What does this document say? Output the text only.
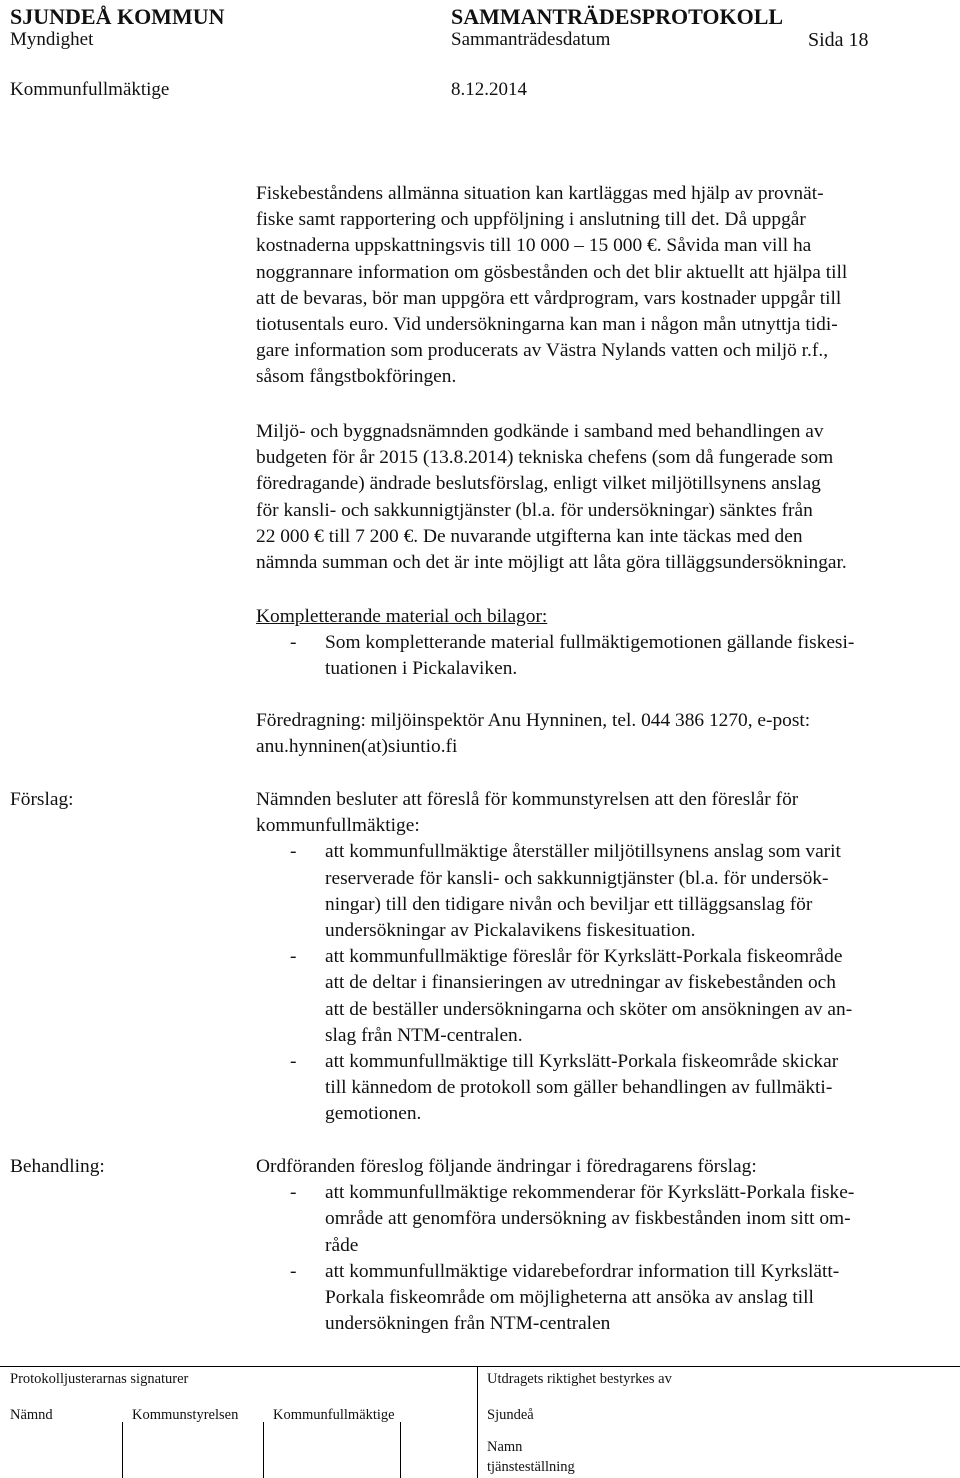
SJUNDEÅ KOMMUN	SAMMANTRÄDESPROTOKOLL
Myndighet	Sammanträdesdatum	Sida 18
Kommunfullmäktige	8.12.2014
Fiskebeståndens allmänna situation kan kartläggas med hjälp av provnät-
fiske samt rapportering och uppföljning i anslutning till det. Då uppgår
kostnaderna uppskattningsvis till 10 000 – 15 000 €. Såvida man vill ha
noggrannare information om gösbestånden och det blir aktuellt att hjälpa till
att de bevaras, bör man uppgöra ett vårdprogram, vars kostnader uppgår till
tiotusentals euro. Vid undersökningarna kan man i någon mån utnyttja tidi-
gare information som producerats av Västra Nylands vatten och miljö r.f.,
såsom fångstbokföringen.
Miljö- och byggnadsnämnden godkände i samband med behandlingen av
budgeten för år 2015 (13.8.2014) tekniska chefens (som då fungerade som
föredragande) ändrade beslutsförslag, enligt vilket miljötillsynens anslag
för kansli- och sakkunnigtjänster (bl.a. för undersökningar) sänktes från
22 000 € till 7 200 €. De nuvarande utgifterna kan inte täckas med den
nämnda summan och det är inte möjligt att låta göra tilläggsundersökningar.
Kompletterande material och bilagor:
- Som kompletterande material fullmäktigemotionen gällande fiskesi-
tuationen i Pickalaviken.
Föredragning: miljöinspektör Anu Hynninen, tel. 044 386 1270, e-post:
anu.hynninen(at)siuntio.fi
Förslag:	Nämnden besluter att föreslå för kommunstyrelsen att den föreslår för
kommunfullmäktige:
- att kommunfullmäktige återställer miljötillsynens anslag som varit
reserverade för kansli- och sakkunnigtjänster (bl.a. för undersök-
ningar) till den tidigare nivån och beviljar ett tilläggsanslag för
undersökningar av Pickalavikens fiskesituation.
- att kommunfullmäktige föreslår för Kyrkslätt-Porkala fiskeområde
att de deltar i finansieringen av utredningar av fiskebestånden och
att de beställer undersökningarna och sköter om ansökningen av an-
slag från NTM-centralen.
- att kommunfullmäktige till Kyrkslätt-Porkala fiskeområde skickar
till kännedom de protokoll som gäller behandlingen av fullmäkti-
gemotionen.
Behandling:	Ordföranden föreslog följande ändringar i föredragarens förslag:
- att kommunfullmäktige rekommenderar för Kyrkslätt-Porkala fiske-
område att genomföra undersökning av fiskbestånden inom sitt om-
råde
- att kommunfullmäktige vidarebefordrar information till Kyrkslätt-
Porkala fiskeområde om möjligheterna att ansöka av anslag till
undersökningen från NTM-centralen
Protokolljusterarnas signaturer	Utdragets riktighet bestyrkes av
Nämnd	Kommunstyrelsen Kommunfullmäktige	Sjundeå
Namn
tjänsteställning
